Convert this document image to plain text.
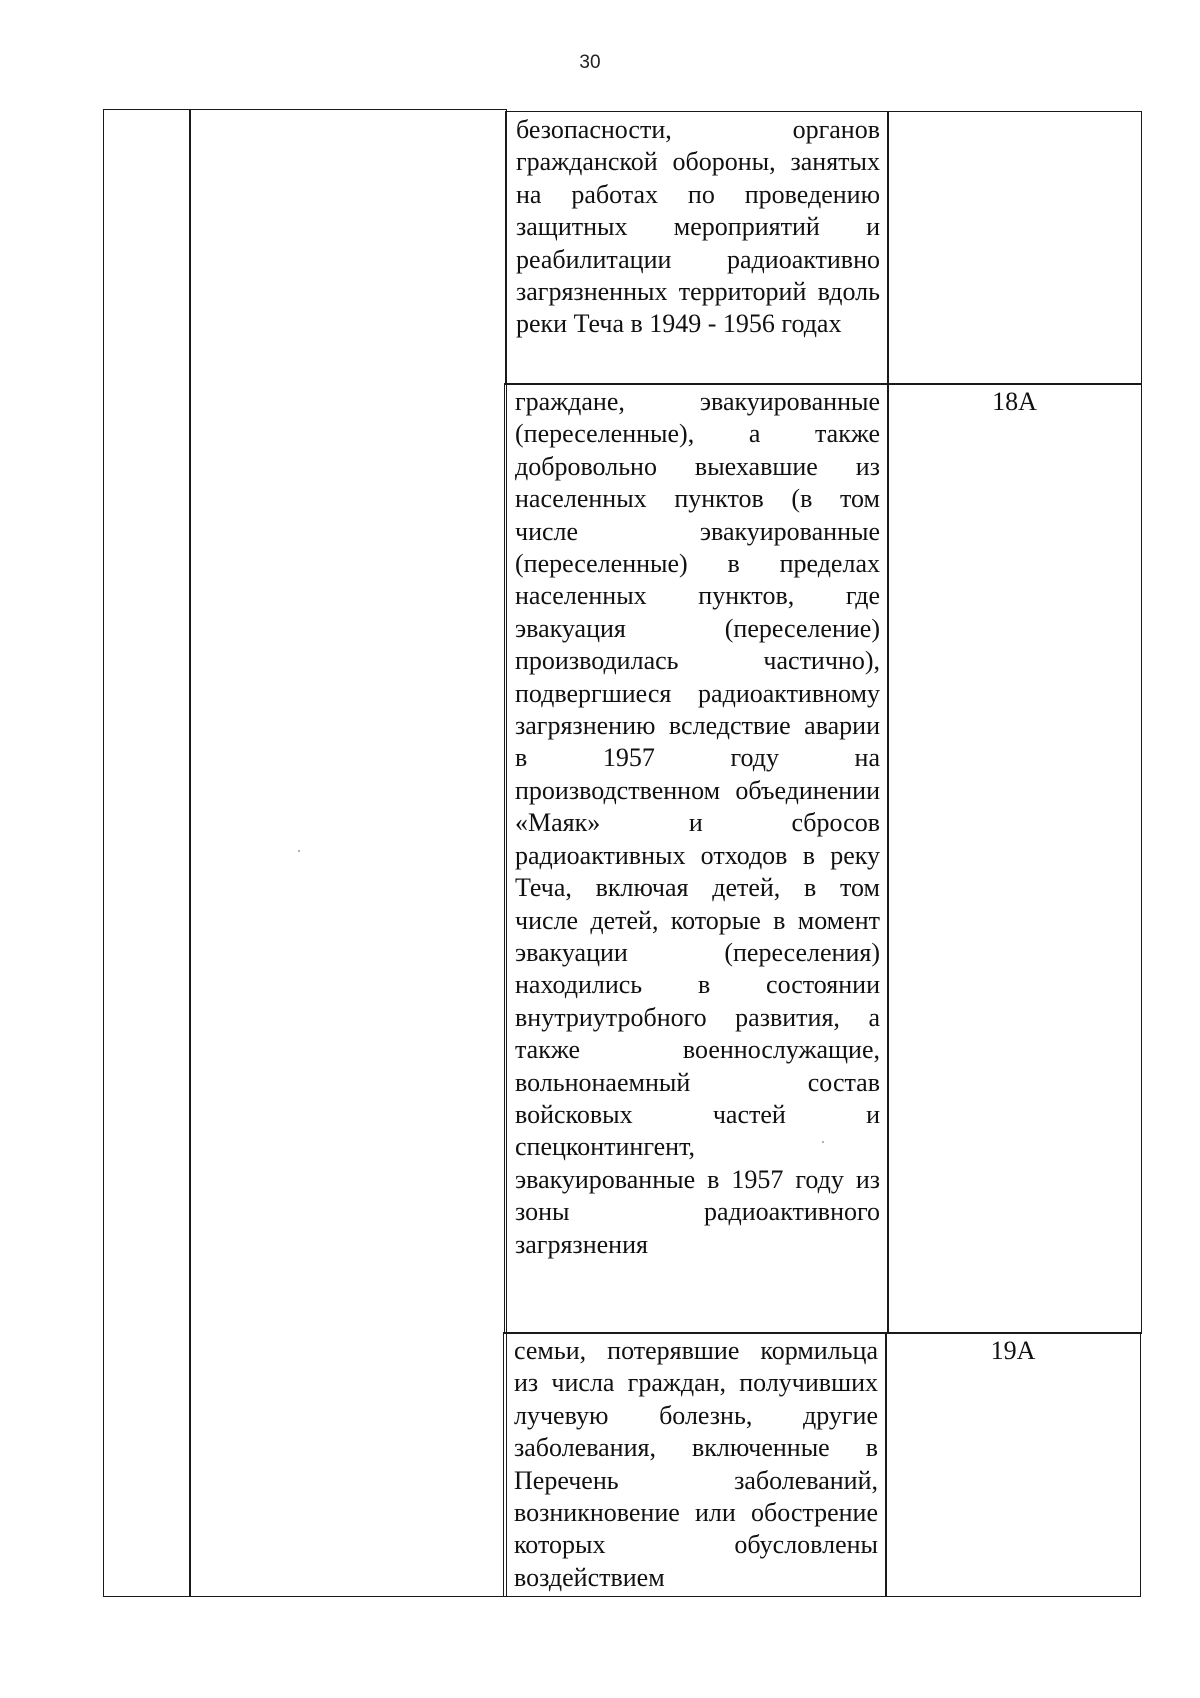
30
безопасности, органов гражданской обороны, занятых на работах по проведению защитных мероприятий и реабилитации радиоактивно загрязненных территорий вдоль реки Теча в 1949 - 1956 годах
граждане, эвакуированные (переселенные), а также добровольно выехавшие из населенных пунктов (в том числе эвакуированные (переселенные) в пределах населенных пунктов, где эвакуация (переселение) производилась частично), подвергшиеся радиоактивному загрязнению вследствие аварии в 1957 году на производственном объединении «Маяк» и сбросов радиоактивных отходов в реку Теча, включая детей, в том числе детей, которые в момент эвакуации (переселения) находились в состоянии внутриутробного развития, а также военнослужащие, вольнонаемный состав войсковых частей и спецконтингент, эвакуированные в 1957 году из зоны радиоактивного загрязнения
18А
семьи, потерявшие кормильца из числа граждан, получивших лучевую болезнь, другие заболевания, включенные в Перечень заболеваний, возникновение или обострение которых обусловлены воздействием
19А
